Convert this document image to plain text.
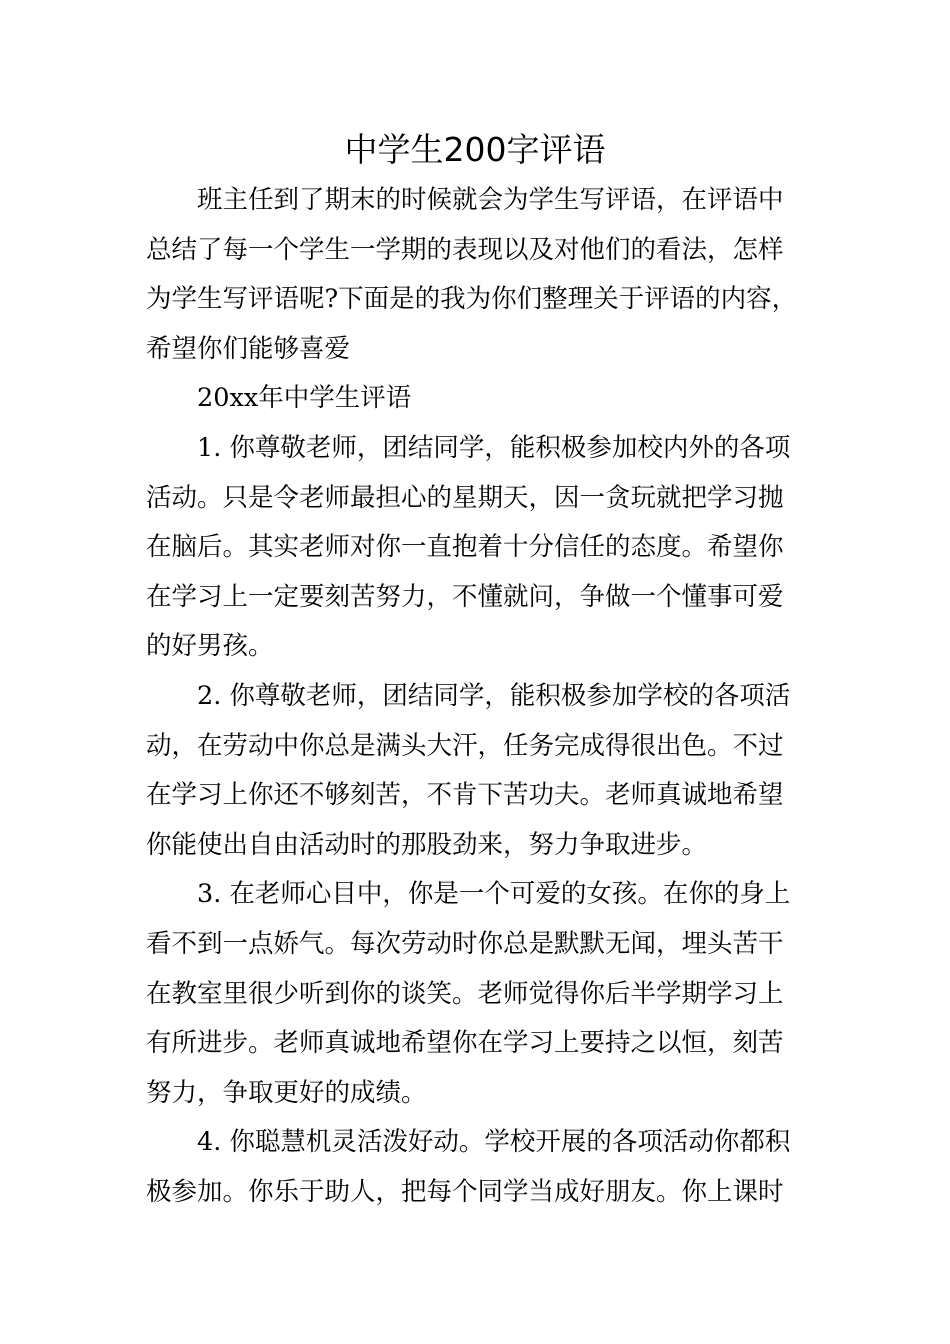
中学生200字评语

班主任到了期末的时候就会为学生写评语，在评语中
总结了每一个学生一学期的表现以及对他们的看法，怎样
为学生写评语呢?下面是的我为你们整理关于评语的内容，
希望你们能够喜爱

20xx年中学生评语

1. 你尊敬老师，团结同学，能积极参加校内外的各项
活动。只是令老师最担心的星期天，因一贪玩就把学习抛
在脑后。其实老师对你一直抱着十分信任的态度。希望你
在学习上一定要刻苦努力，不懂就问，争做一个懂事可爱
的好男孩。

2. 你尊敬老师，团结同学，能积极参加学校的各项活
动，在劳动中你总是满头大汗，任务完成得很出色。不过
在学习上你还不够刻苦，不肯下苦功夫。老师真诚地希望
你能使出自由活动时的那股劲来，努力争取进步。

3. 在老师心目中，你是一个可爱的女孩。在你的身上
看不到一点娇气。每次劳动时你总是默默无闻，埋头苦干
在教室里很少听到你的谈笑。老师觉得你后半学期学习上
有所进步。老师真诚地希望你在学习上要持之以恒，刻苦
努力，争取更好的成绩。

4. 你聪慧机灵活泼好动。学校开展的各项活动你都积
极参加。你乐于助人，把每个同学当成好朋友。你上课时
